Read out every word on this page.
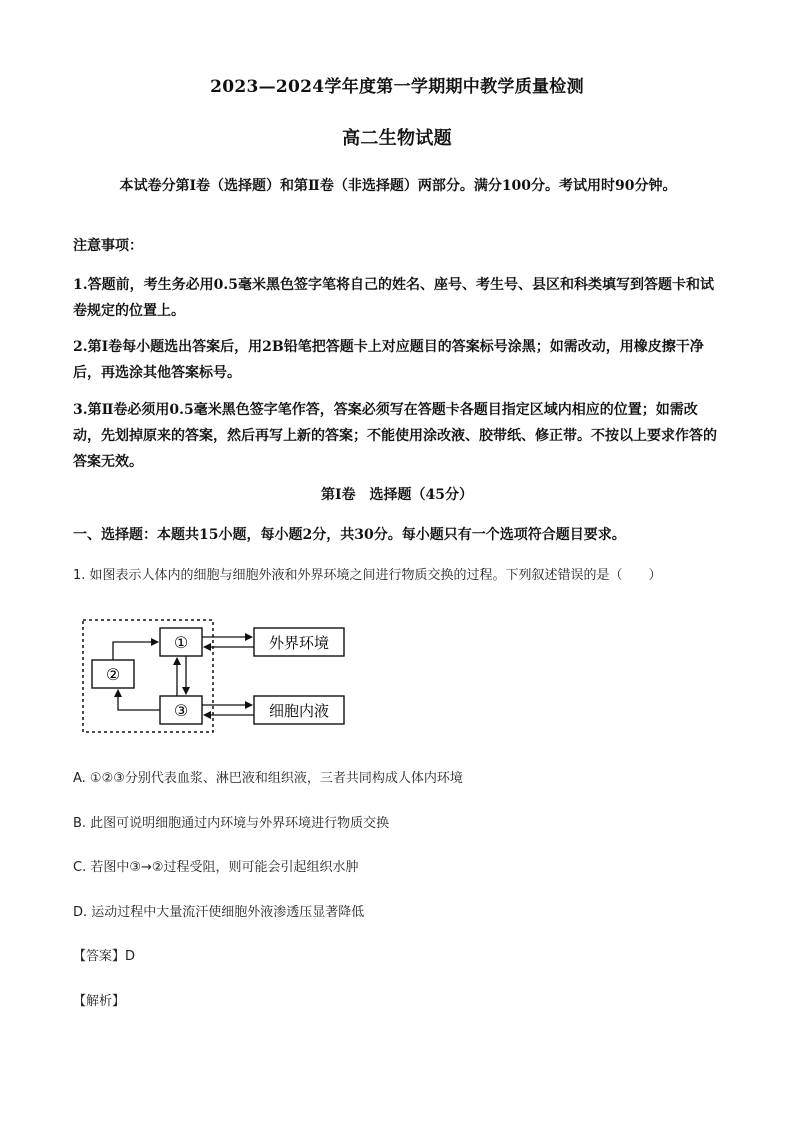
2023—2024学年度第一学期期中教学质量检测
高二生物试题
本试卷分第Ⅰ卷（选择题）和第Ⅱ卷（非选择题）两部分。满分100分。考试用时90分钟。
注意事项：
1.答题前，考生务必用0.5毫米黑色签字笔将自己的姓名、座号、考生号、县区和科类填写到答题卡和试卷规定的位置上。
2.第Ⅰ卷每小题选出答案后，用2B铅笔把答题卡上对应题目的答案标号涂黑；如需改动，用橡皮擦干净后，再选涂其他答案标号。
3.第Ⅱ卷必须用0.5毫米黑色签字笔作答，答案必须写在答题卡各题目指定区域内相应的位置；如需改动，先划掉原来的答案，然后再写上新的答案；不能使用涂改液、胶带纸、修正带。不按以上要求作答的答案无效。
第Ⅰ卷　选择题（45分）
一、选择题：本题共15小题，每小题2分，共30分。每小题只有一个选项符合题目要求。
1. 如图表示人体内的细胞与细胞外液和外界环境之间进行物质交换的过程。下列叙述错误的是（　　）
①
②
③
外界环境
细胞内液
A. ①②③分别代表血浆、淋巴液和组织液，三者共同构成人体内环境
B. 此图可说明细胞通过内环境与外界环境进行物质交换
C. 若图中③→②过程受阻，则可能会引起组织水肿
D. 运动过程中大量流汗使细胞外液渗透压显著降低
【答案】D
【解析】
